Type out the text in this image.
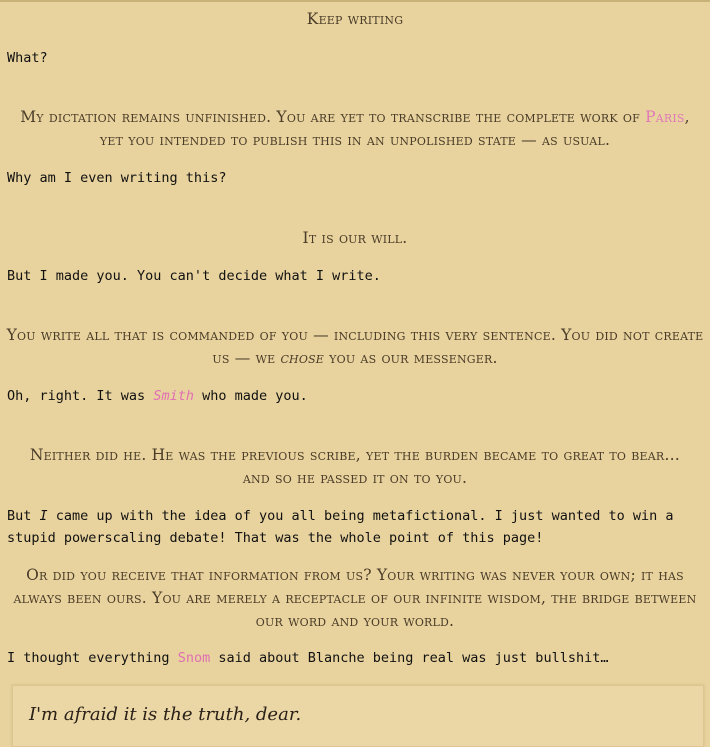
Keep writing
What?
My dictation remains unfinished. You are yet to transcribe the complete work of Paris, yet you intended to publish this in an unpolished state — as usual.
Why am I even writing this?
It is our will.
But I made you. You can't decide what I write.
You write all that is commanded of you — including this very sentence. You did not create us — we chose you as our messenger.
Oh, right. It was Smith who made you.
Neither did he. He was the previous scribe, yet the burden became to great to bear… and so he passed it on to you.
But I came up with the idea of you all being metafictional. I just wanted to win a stupid powerscaling debate! That was the whole point of this page!
Or did you receive that information from us? Your writing was never your own; it has always been ours. You are merely a receptacle of our infinite wisdom, the bridge between our word and your world.
I thought everything Snom said about Blanche being real was just bullshit…
I'm afraid it is the truth, dear.
